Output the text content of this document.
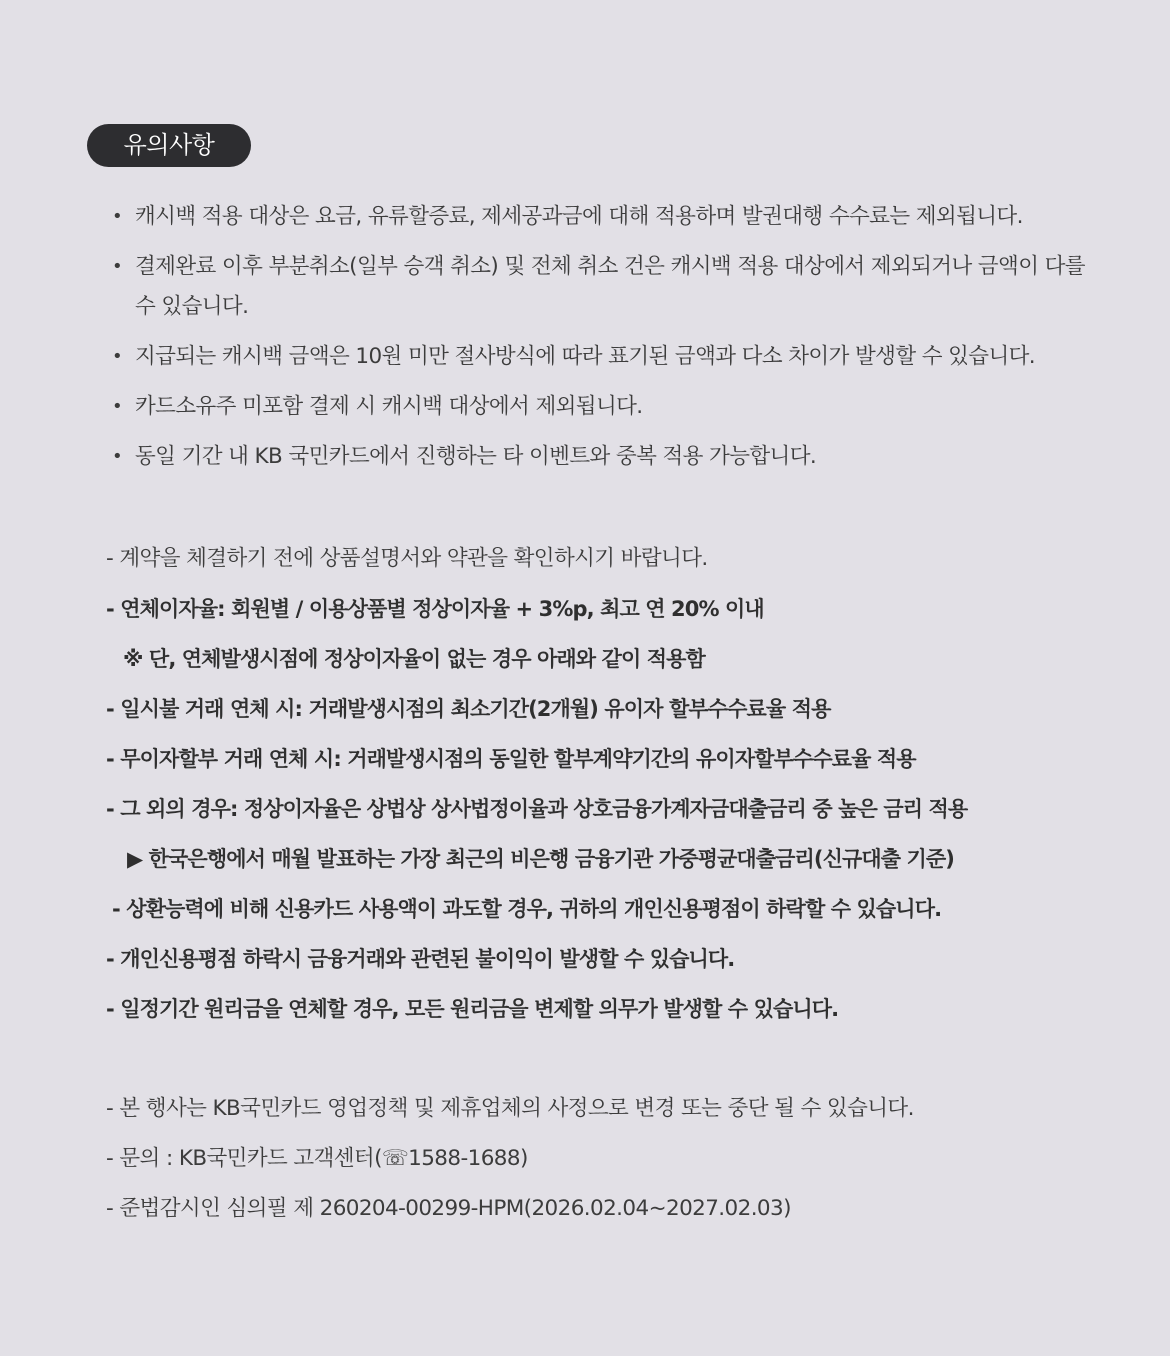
유의사항
• 캐시백 적용 대상은 요금, 유류할증료, 제세공과금에 대해 적용하며 발권대행 수수료는 제외됩니다.
• 결제완료 이후 부분취소(일부 승객 취소) 및 전체 취소 건은 캐시백 적용 대상에서 제외되거나 금액이 다를 수 있습니다.
• 지급되는 캐시백 금액은 10원 미만 절사방식에 따라 표기된 금액과 다소 차이가 발생할 수 있습니다.
• 카드소유주 미포함 결제 시 캐시백 대상에서 제외됩니다.
• 동일 기간 내 KB 국민카드에서 진행하는 타 이벤트와 중복 적용 가능합니다.

- 계약을 체결하기 전에 상품설명서와 약관을 확인하시기 바랍니다.

- 연체이자율: 회원별 / 이용상품별 정상이자율 + 3%p, 최고 연 20% 이내

※ 단, 연체발생시점에 정상이자율이 없는 경우 아래와 같이 적용함

- 일시불 거래 연체 시: 거래발생시점의 최소기간(2개월) 유이자 할부수수료율 적용

- 무이자할부 거래 연체 시: 거래발생시점의 동일한 할부계약기간의 유이자할부수수료율 적용

- 그 외의 경우: 정상이자율은 상법상 상사법정이율과 상호금융가계자금대출금리 중 높은 금리 적용

▶ 한국은행에서 매월 발표하는 가장 최근의 비은행 금융기관 가중평균대출금리(신규대출 기준)

- 상환능력에 비해 신용카드 사용액이 과도할 경우, 귀하의 개인신용평점이 하락할 수 있습니다.

- 개인신용평점 하락시 금융거래와 관련된 불이익이 발생할 수 있습니다.

- 일정기간 원리금을 연체할 경우, 모든 원리금을 변제할 의무가 발생할 수 있습니다.

- 본 행사는 KB국민카드 영업정책 및 제휴업체의 사정으로 변경 또는 중단 될 수 있습니다.

- 문의 : KB국민카드 고객센터(☏1588-1688)

- 준법감시인 심의필 제 260204-00299-HPM(2026.02.04~2027.02.03)
